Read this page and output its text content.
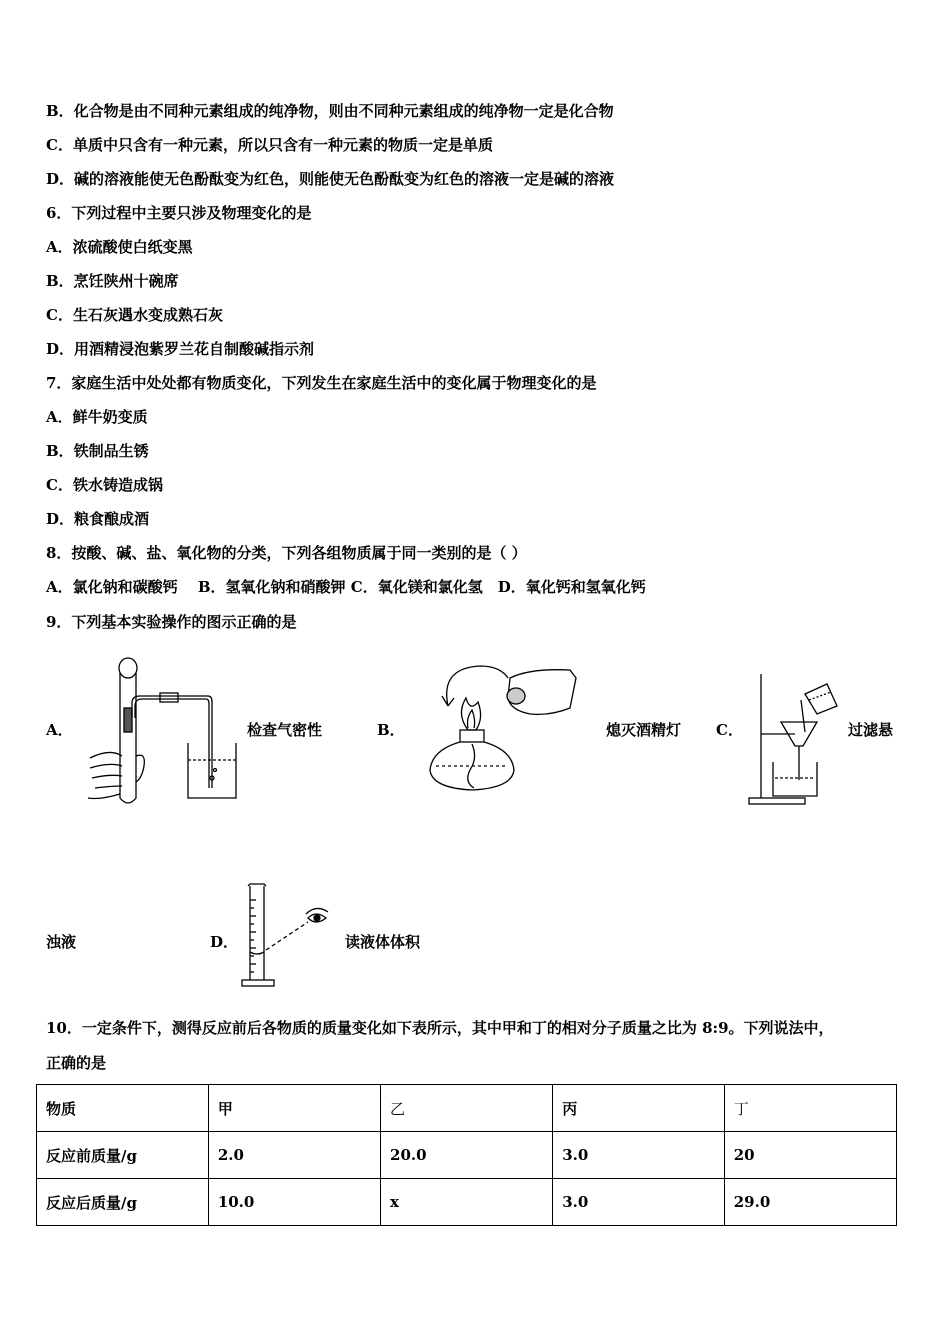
B．化合物是由不同种元素组成的纯净物，则由不同种元素组成的纯净物一定是化合物
C．单质中只含有一种元素，所以只含有一种元素的物质一定是单质
D．碱的溶液能使无色酚酞变为红色，则能使无色酚酞变为红色的溶液一定是碱的溶液
6．下列过程中主要只涉及物理变化的是
A．浓硫酸使白纸变黑
B．烹饪陕州十碗席
C．生石灰遇水变成熟石灰
D．用酒精浸泡紫罗兰花自制酸碱指示剂
7．家庭生活中处处都有物质变化，下列发生在家庭生活中的变化属于物理变化的是
A．鲜牛奶变质
B．铁制品生锈
C．铁水铸造成锅
D．粮食酿成酒
8．按酸、碱、盐、氧化物的分类，下列各组物质属于同一类别的是（ ）
A．氯化钠和碳酸钙　 B．氢氧化钠和硝酸钾 C．氧化镁和氯化氢　D．氧化钙和氢氧化钙
9．下列基本实验操作的图示正确的是
A．	检查气密性	B．	熄灭酒精灯 C．	过滤悬
浊液	D．	读液体体积
10．一定条件下，测得反应前后各物质的质量变化如下表所示，其中甲和丁的相对分子质量之比为 8:9。下列说法中，
正确的是
物质	甲	乙	丙	丁
反应前质量/g	2.0	20.0	3.0	20
反应后质量/g	10.0	x	3.0	29.0
